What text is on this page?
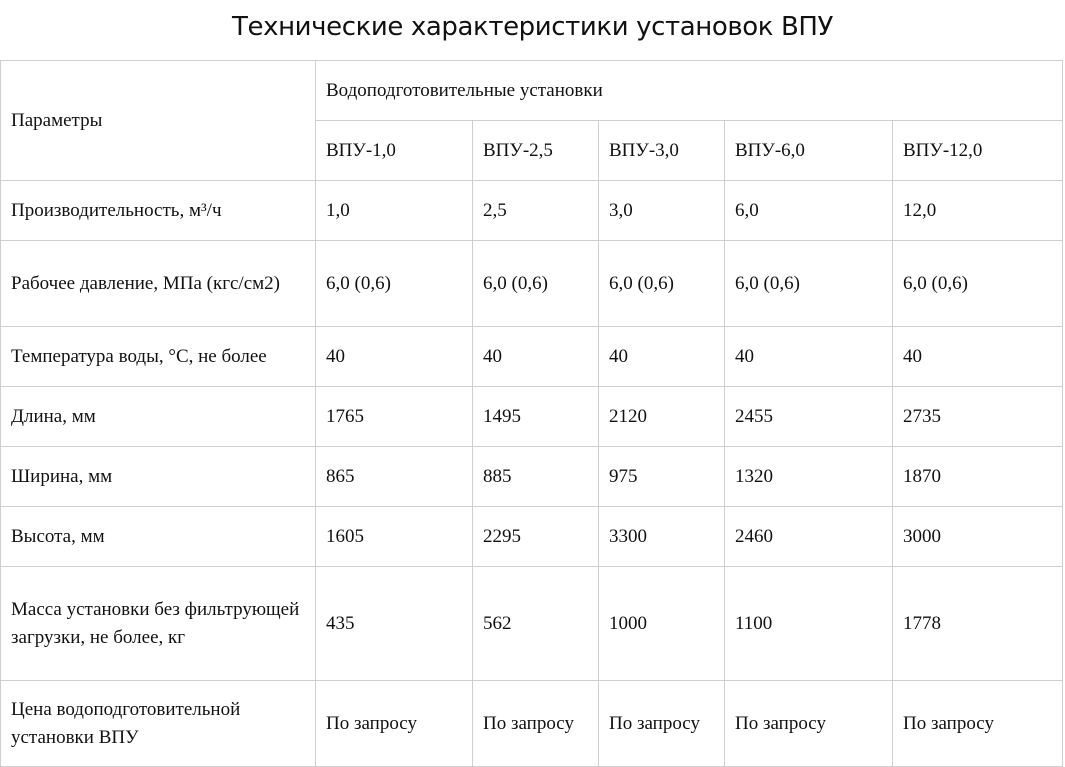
Технические характеристики установок ВПУ
Параметры	Водоподготовительные установки				
	ВПУ-1,0	ВПУ-2,5	ВПУ-3,0	ВПУ-6,0	ВПУ-12,0
Производительность, м³/ч	1,0	2,5	3,0	6,0	12,0
Рабочее давление, МПа (кгс/см2)	6,0 (0,6)	6,0 (0,6)	6,0 (0,6)	6,0 (0,6)	6,0 (0,6)
Температура воды, °С, не более	40	40	40	40	40
Длина, мм	1765	1495	2120	2455	2735
Ширина, мм	865	885	975	1320	1870
Высота, мм	1605	2295	3300	2460	3000
Масса установки без фильтрующей загрузки, не более, кг	435	562	1000	1100	1778
Цена водоподготовительной установки ВПУ	По запросу	По запросу	По запросу	По запросу	По запросу
